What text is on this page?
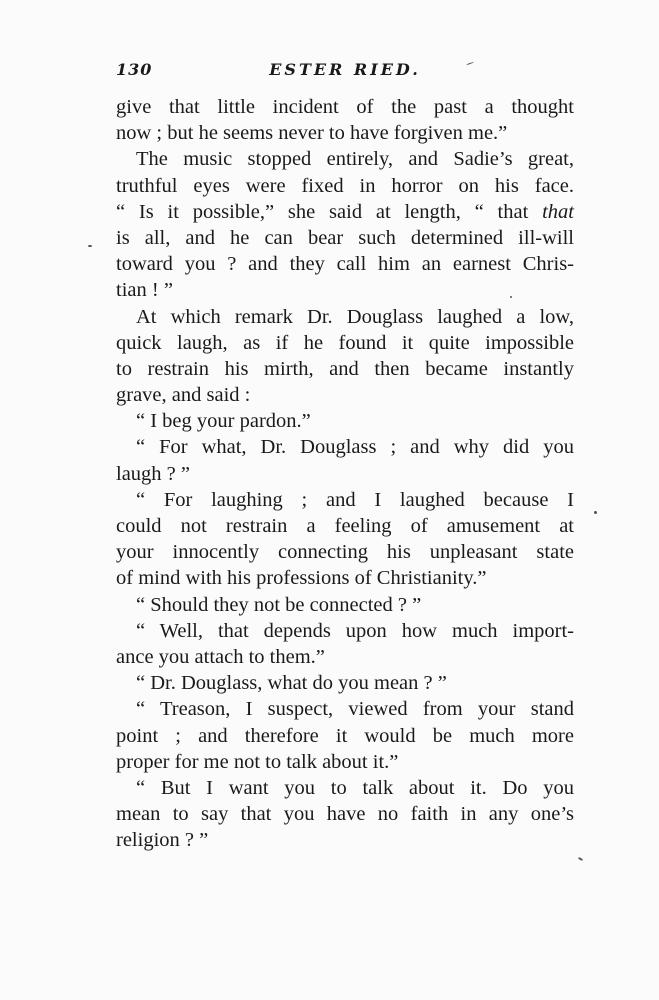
130	ESTER RIED.
give that little incident of the past a thought
now ; but he seems never to have forgiven me.”
The music stopped entirely, and Sadie’s great,
truthful eyes were fixed in horror on his face.
“ Is it possible,” she said at length, “ that that
is all, and he can bear such determined ill-will
toward you ? and they call him an earnest Chris-
tian ! ”
At which remark Dr. Douglass laughed a low,
quick laugh, as if he found it quite impossible
to restrain his mirth, and then became instantly
grave, and said :
“ I beg your pardon.”
“ For what, Dr. Douglass ; and why did you
laugh ? ”
“ For laughing ; and I laughed because I
could not restrain a feeling of amusement at
your innocently connecting his unpleasant state
of mind with his professions of Christianity.”
“ Should they not be connected ? ”
“ Well, that depends upon how much import-
ance you attach to them.”
“ Dr. Douglass, what do you mean ? ”
“ Treason, I suspect, viewed from your stand
point ; and therefore it would be much more
proper for me not to talk about it.”
“ But I want you to talk about it. Do you
mean to say that you have no faith in any one’s
religion ? ”
